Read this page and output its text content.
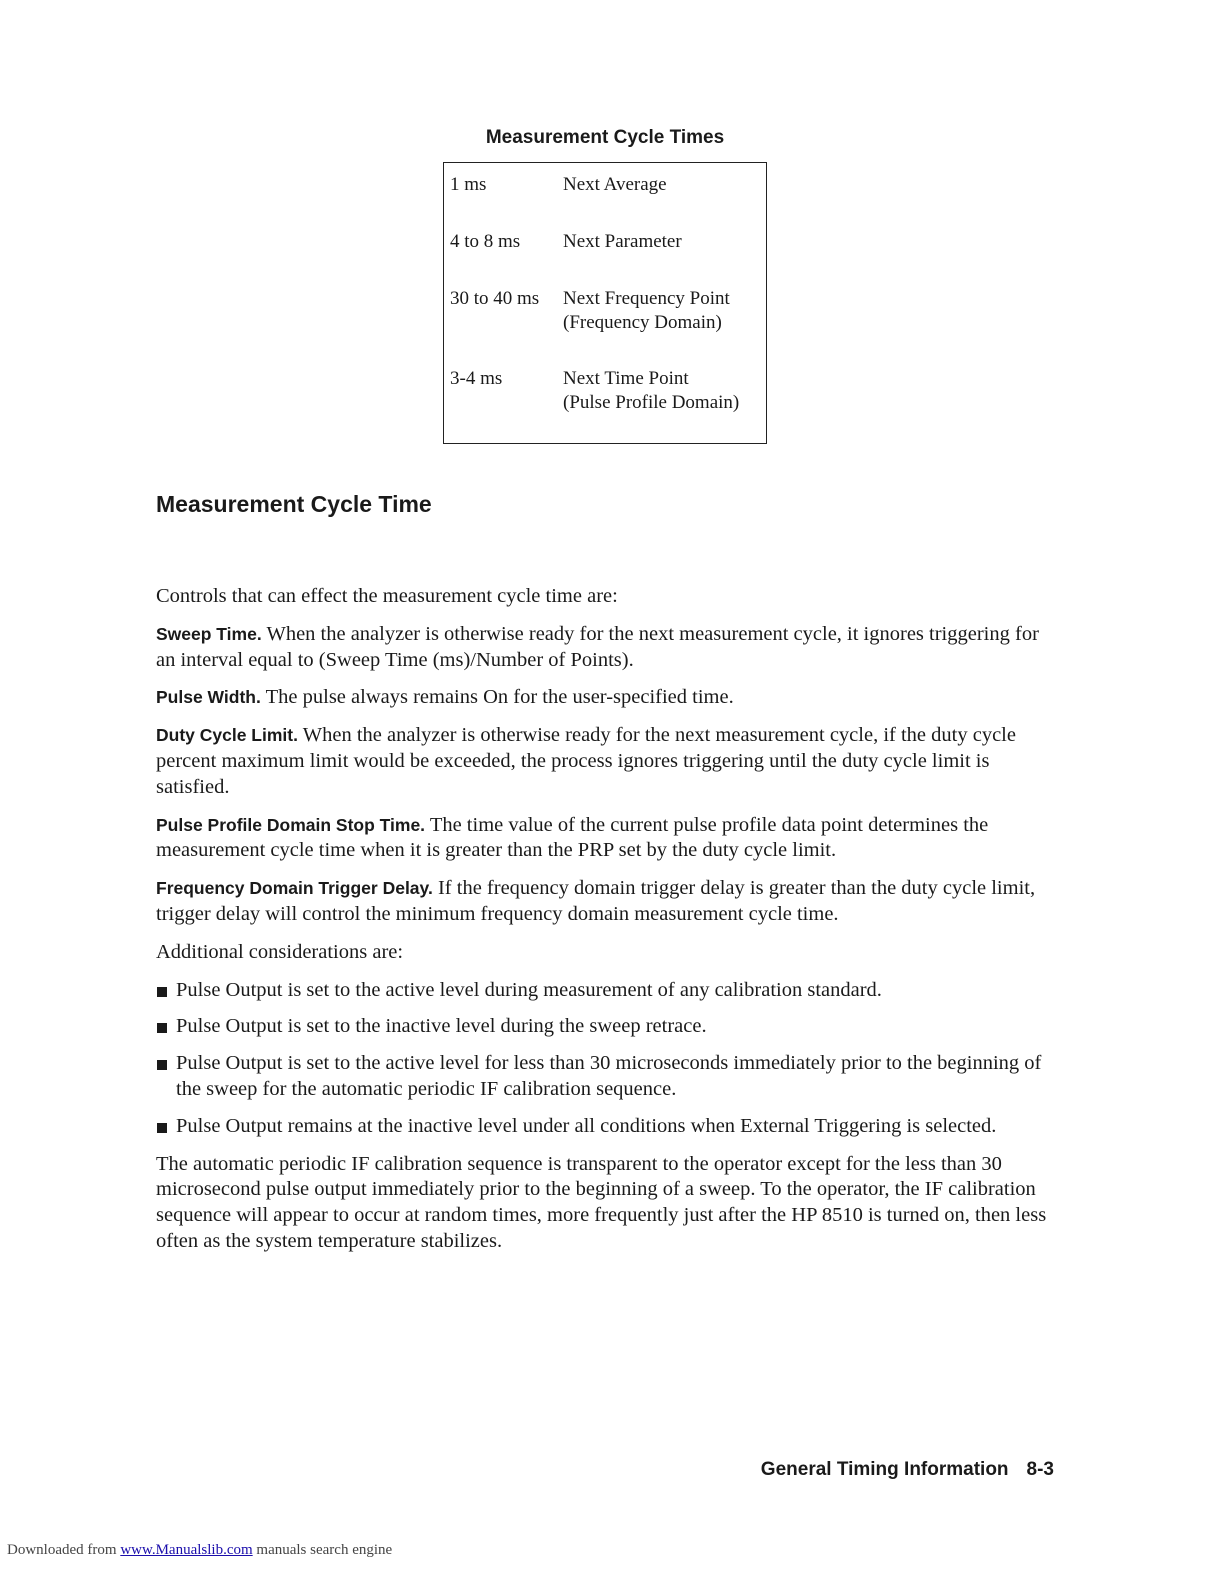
Measurement Cycle Times
1 ms	Next Average
4 to 8 ms Next Parameter
30 to 40 ms Next Frequency Point
(Frequency Domain)
3-4 ms	Next Time Point
(Pulse Profile Domain)
Measurement Cycle Time

Controls that can effect the measurement cycle time are:

Sweep Time. When the analyzer is otherwise ready for the next measurement cycle, it ignores triggering for an interval equal to (Sweep Time (ms)/Number of Points).

Pulse Width. The pulse always remains On for the user-specified time.

Duty Cycle Limit. When the analyzer is otherwise ready for the next measurement cycle, if the duty cycle percent maximum limit would be exceeded, the process ignores triggering until the duty cycle limit is satisfied.

Pulse Profile Domain Stop Time. The time value of the current pulse profile data point determines the measurement cycle time when it is greater than the PRP set by the duty cycle limit.

Frequency Domain Trigger Delay. If the frequency domain trigger delay is greater than the duty cycle limit, trigger delay will control the minimum frequency domain measurement cycle time.

Additional considerations are:

Pulse Output is set to the active level during measurement of any calibration standard.
Pulse Output is set to the inactive level during the sweep retrace.
Pulse Output is set to the active level for less than 30 microseconds immediately prior to the beginning of the sweep for the automatic periodic IF calibration sequence.
Pulse Output remains at the inactive level under all conditions when External Triggering is selected.

The automatic periodic IF calibration sequence is transparent to the operator except for the less than 30 microsecond pulse output immediately prior to the beginning of a sweep. To the operator, the IF calibration sequence will appear to occur at random times, more frequently just after the HP 8510 is turned on, then less often as the system temperature stabilizes.

General Timing Information 8-3
Downloaded from www.Manualslib.com manuals search engine
